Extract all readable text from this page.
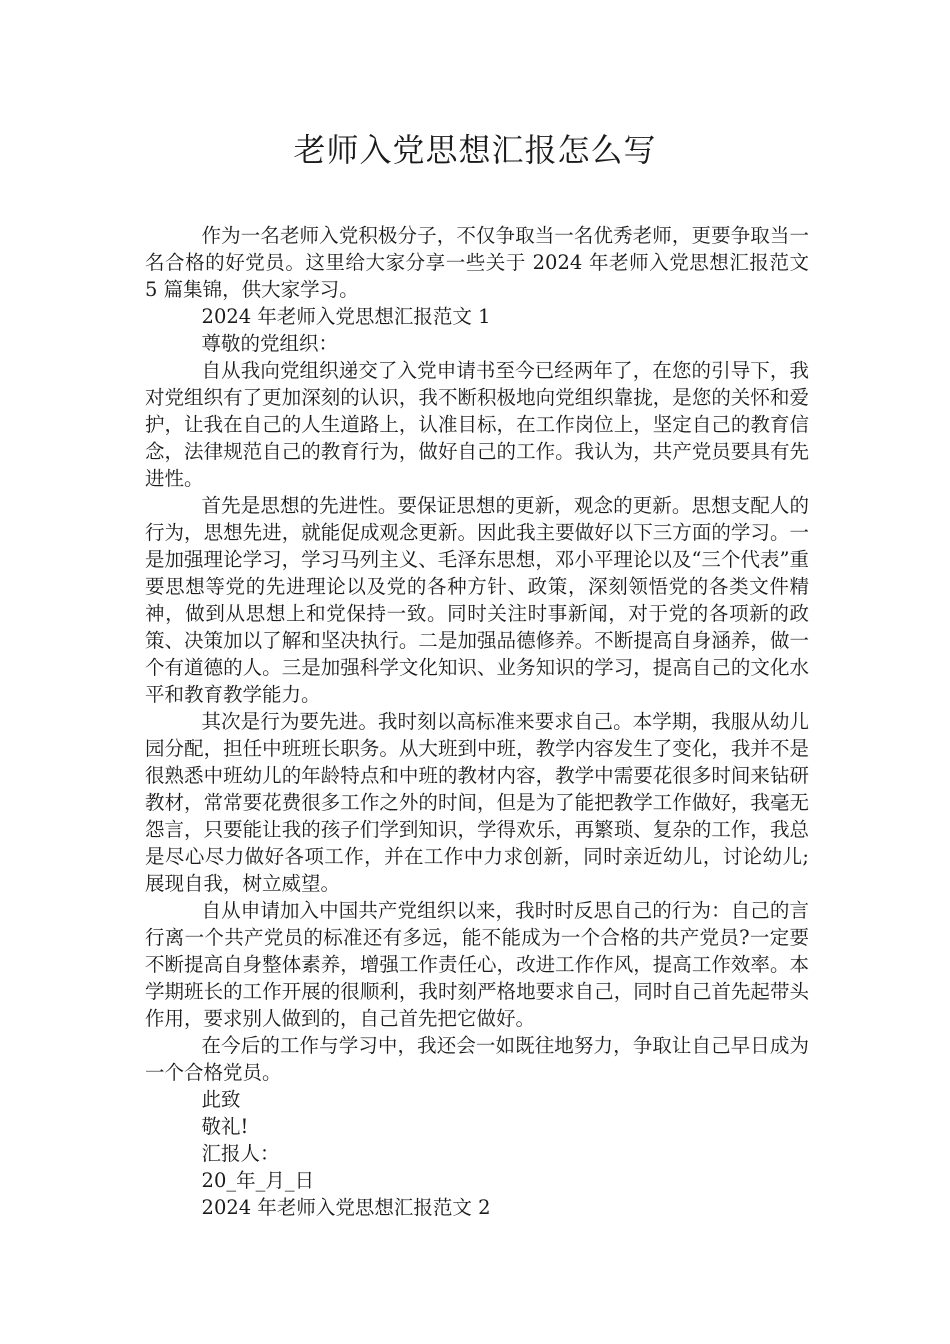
老师入党思想汇报怎么写

作为一名老师入党积极分子，不仅争取当一名优秀老师，更要争取当一名合格的好党员。这里给大家分享一些关于 2024 年老师入党思想汇报范文 5 篇集锦，供大家学习。

2024 年老师入党思想汇报范文 1

尊敬的党组织：

自从我向党组织递交了入党申请书至今已经两年了，在您的引导下，我对党组织有了更加深刻的认识，我不断积极地向党组织靠拢，是您的关怀和爱护，让我在自己的人生道路上，认准目标，在工作岗位上，坚定自己的教育信念，法律规范自己的教育行为，做好自己的工作。我认为，共产党员要具有先进性。

首先是思想的先进性。要保证思想的更新，观念的更新。思想支配人的行为，思想先进，就能促成观念更新。因此我主要做好以下三方面的学习。一是加强理论学习，学习马列主义、毛泽东思想，邓小平理论以及“三个代表”重要思想等党的先进理论以及党的各种方针、政策，深刻领悟党的各类文件精神，做到从思想上和党保持一致。同时关注时事新闻，对于党的各项新的政策、决策加以了解和坚决执行。二是加强品德修养。不断提高自身涵养，做一个有道德的人。三是加强科学文化知识、业务知识的学习，提高自己的文化水平和教育教学能力。

其次是行为要先进。我时刻以高标准来要求自己。本学期，我服从幼儿园分配，担任中班班长职务。从大班到中班，教学内容发生了变化，我并不是很熟悉中班幼儿的年龄特点和中班的教材内容，教学中需要花很多时间来钻研教材，常常要花费很多工作之外的时间，但是为了能把教学工作做好，我毫无怨言，只要能让我的孩子们学到知识，学得欢乐，再繁琐、复杂的工作，我总是尽心尽力做好各项工作，并在工作中力求创新，同时亲近幼儿，讨论幼儿;展现自我，树立威望。

自从申请加入中国共产党组织以来，我时时反思自己的行为：自己的言行离一个共产党员的标准还有多远，能不能成为一个合格的共产党员?一定要不断提高自身整体素养，增强工作责任心，改进工作作风，提高工作效率。本学期班长的工作开展的很顺利，我时刻严格地要求自己，同时自己首先起带头作用，要求别人做到的，自己首先把它做好。

在今后的工作与学习中，我还会一如既往地努力，争取让自己早日成为一个合格党员。

此致

敬礼!

汇报人：

20_年_月_日

2024 年老师入党思想汇报范文 2
